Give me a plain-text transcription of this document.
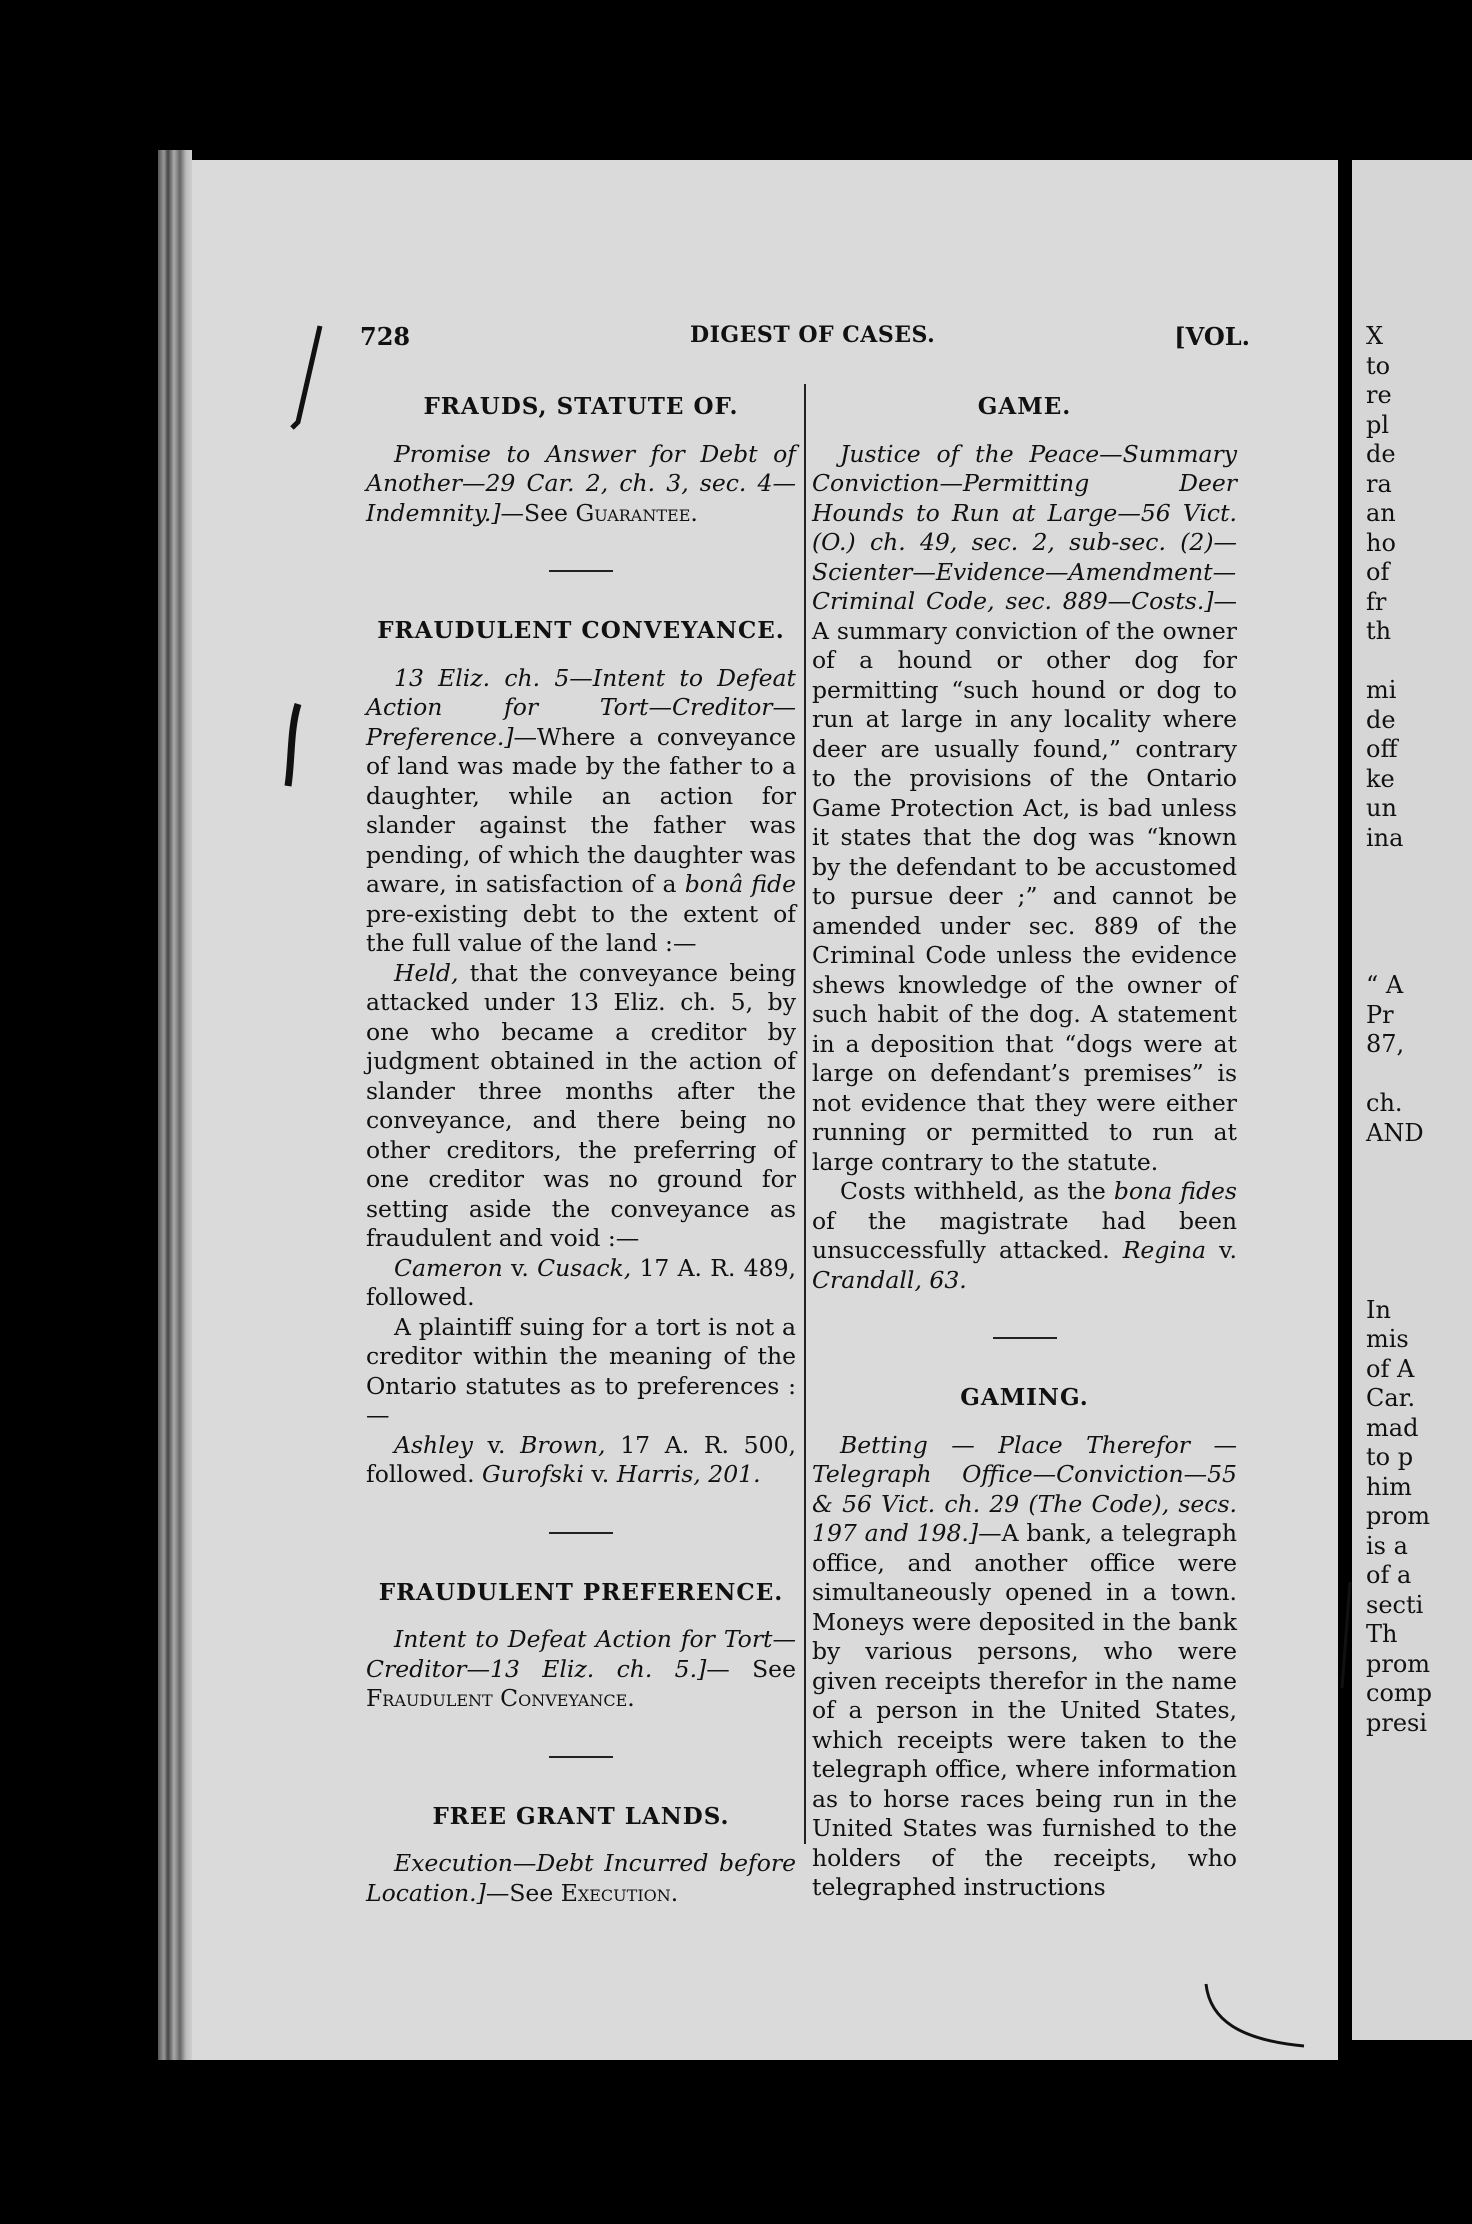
X
to
re
pl
de
ra
an
ho
of
fr
th
mi
de
off
ke
un
ina
“ A
Pr
87,
ch.
AND
In
mis
of A
Car.
mad
to p
him
prom
is a
of a
secti
Th
prom
comp
presi
728	DIGEST OF CASES.	[VOL.
FRAUDS, STATUTE OF.

Promise to Answer for Debt of Another—29 Car. 2, ch. 3, sec. 4—Indemnity.]—See Guarantee.

FRAUDULENT CONVEYANCE.

13 Eliz. ch. 5—Intent to Defeat Action for Tort—Creditor—Preference.]—Where a conveyance of land was made by the father to a daughter, while an action for slander against the father was pending, of which the daughter was aware, in satisfaction of a bonâ fide pre-existing debt to the extent of the full value of the land :—

Held, that the conveyance being attacked under 13 Eliz. ch. 5, by one who became a creditor by judgment obtained in the action of slander three months after the conveyance, and there being no other creditors, the preferring of one creditor was no ground for setting aside the conveyance as fraudulent and void :—

Cameron v. Cusack, 17 A. R. 489, followed.

A plaintiff suing for a tort is not a creditor within the meaning of the Ontario statutes as to preferences :—

Ashley v. Brown, 17 A. R. 500, followed. Gurofski v. Harris, 201.

FRAUDULENT PREFERENCE.

Intent to Defeat Action for Tort—Creditor—13 Eliz. ch. 5.]— See Fraudulent Conveyance.

FREE GRANT LANDS.

Execution—Debt Incurred before Location.]—See Execution.

GAME.

Justice of the Peace—Summary Conviction—Permitting Deer Hounds to Run at Large—56 Vict. (O.) ch. 49, sec. 2, sub-sec. (2)—Scienter—Evidence—Amendment—Criminal Code, sec. 889—Costs.]—A summary conviction of the owner of a hound or other dog for permitting “such hound or dog to run at large in any locality where deer are usually found,” contrary to the provisions of the Ontario Game Protection Act, is bad unless it states that the dog was “known by the defendant to be accustomed to pursue deer ;” and cannot be amended under sec. 889 of the Criminal Code unless the evidence shews knowledge of the owner of such habit of the dog. A statement in a deposition that “dogs were at large on defendant’s premises” is not evidence that they were either running or permitted to run at large contrary to the statute.

Costs withheld, as the bona fides of the magistrate had been unsuccessfully attacked. Regina v. Crandall, 63.

GAMING.

Betting — Place Therefor — Telegraph Office—Conviction—55 & 56 Vict. ch. 29 (The Code), secs. 197 and 198.]—A bank, a telegraph office, and another office were simultaneously opened in a town. Moneys were deposited in the bank by various persons, who were given receipts therefor in the name of a person in the United States, which receipts were taken to the telegraph office, where information as to horse races being run in the United States was furnished to the holders of the receipts, who telegraphed instructions
